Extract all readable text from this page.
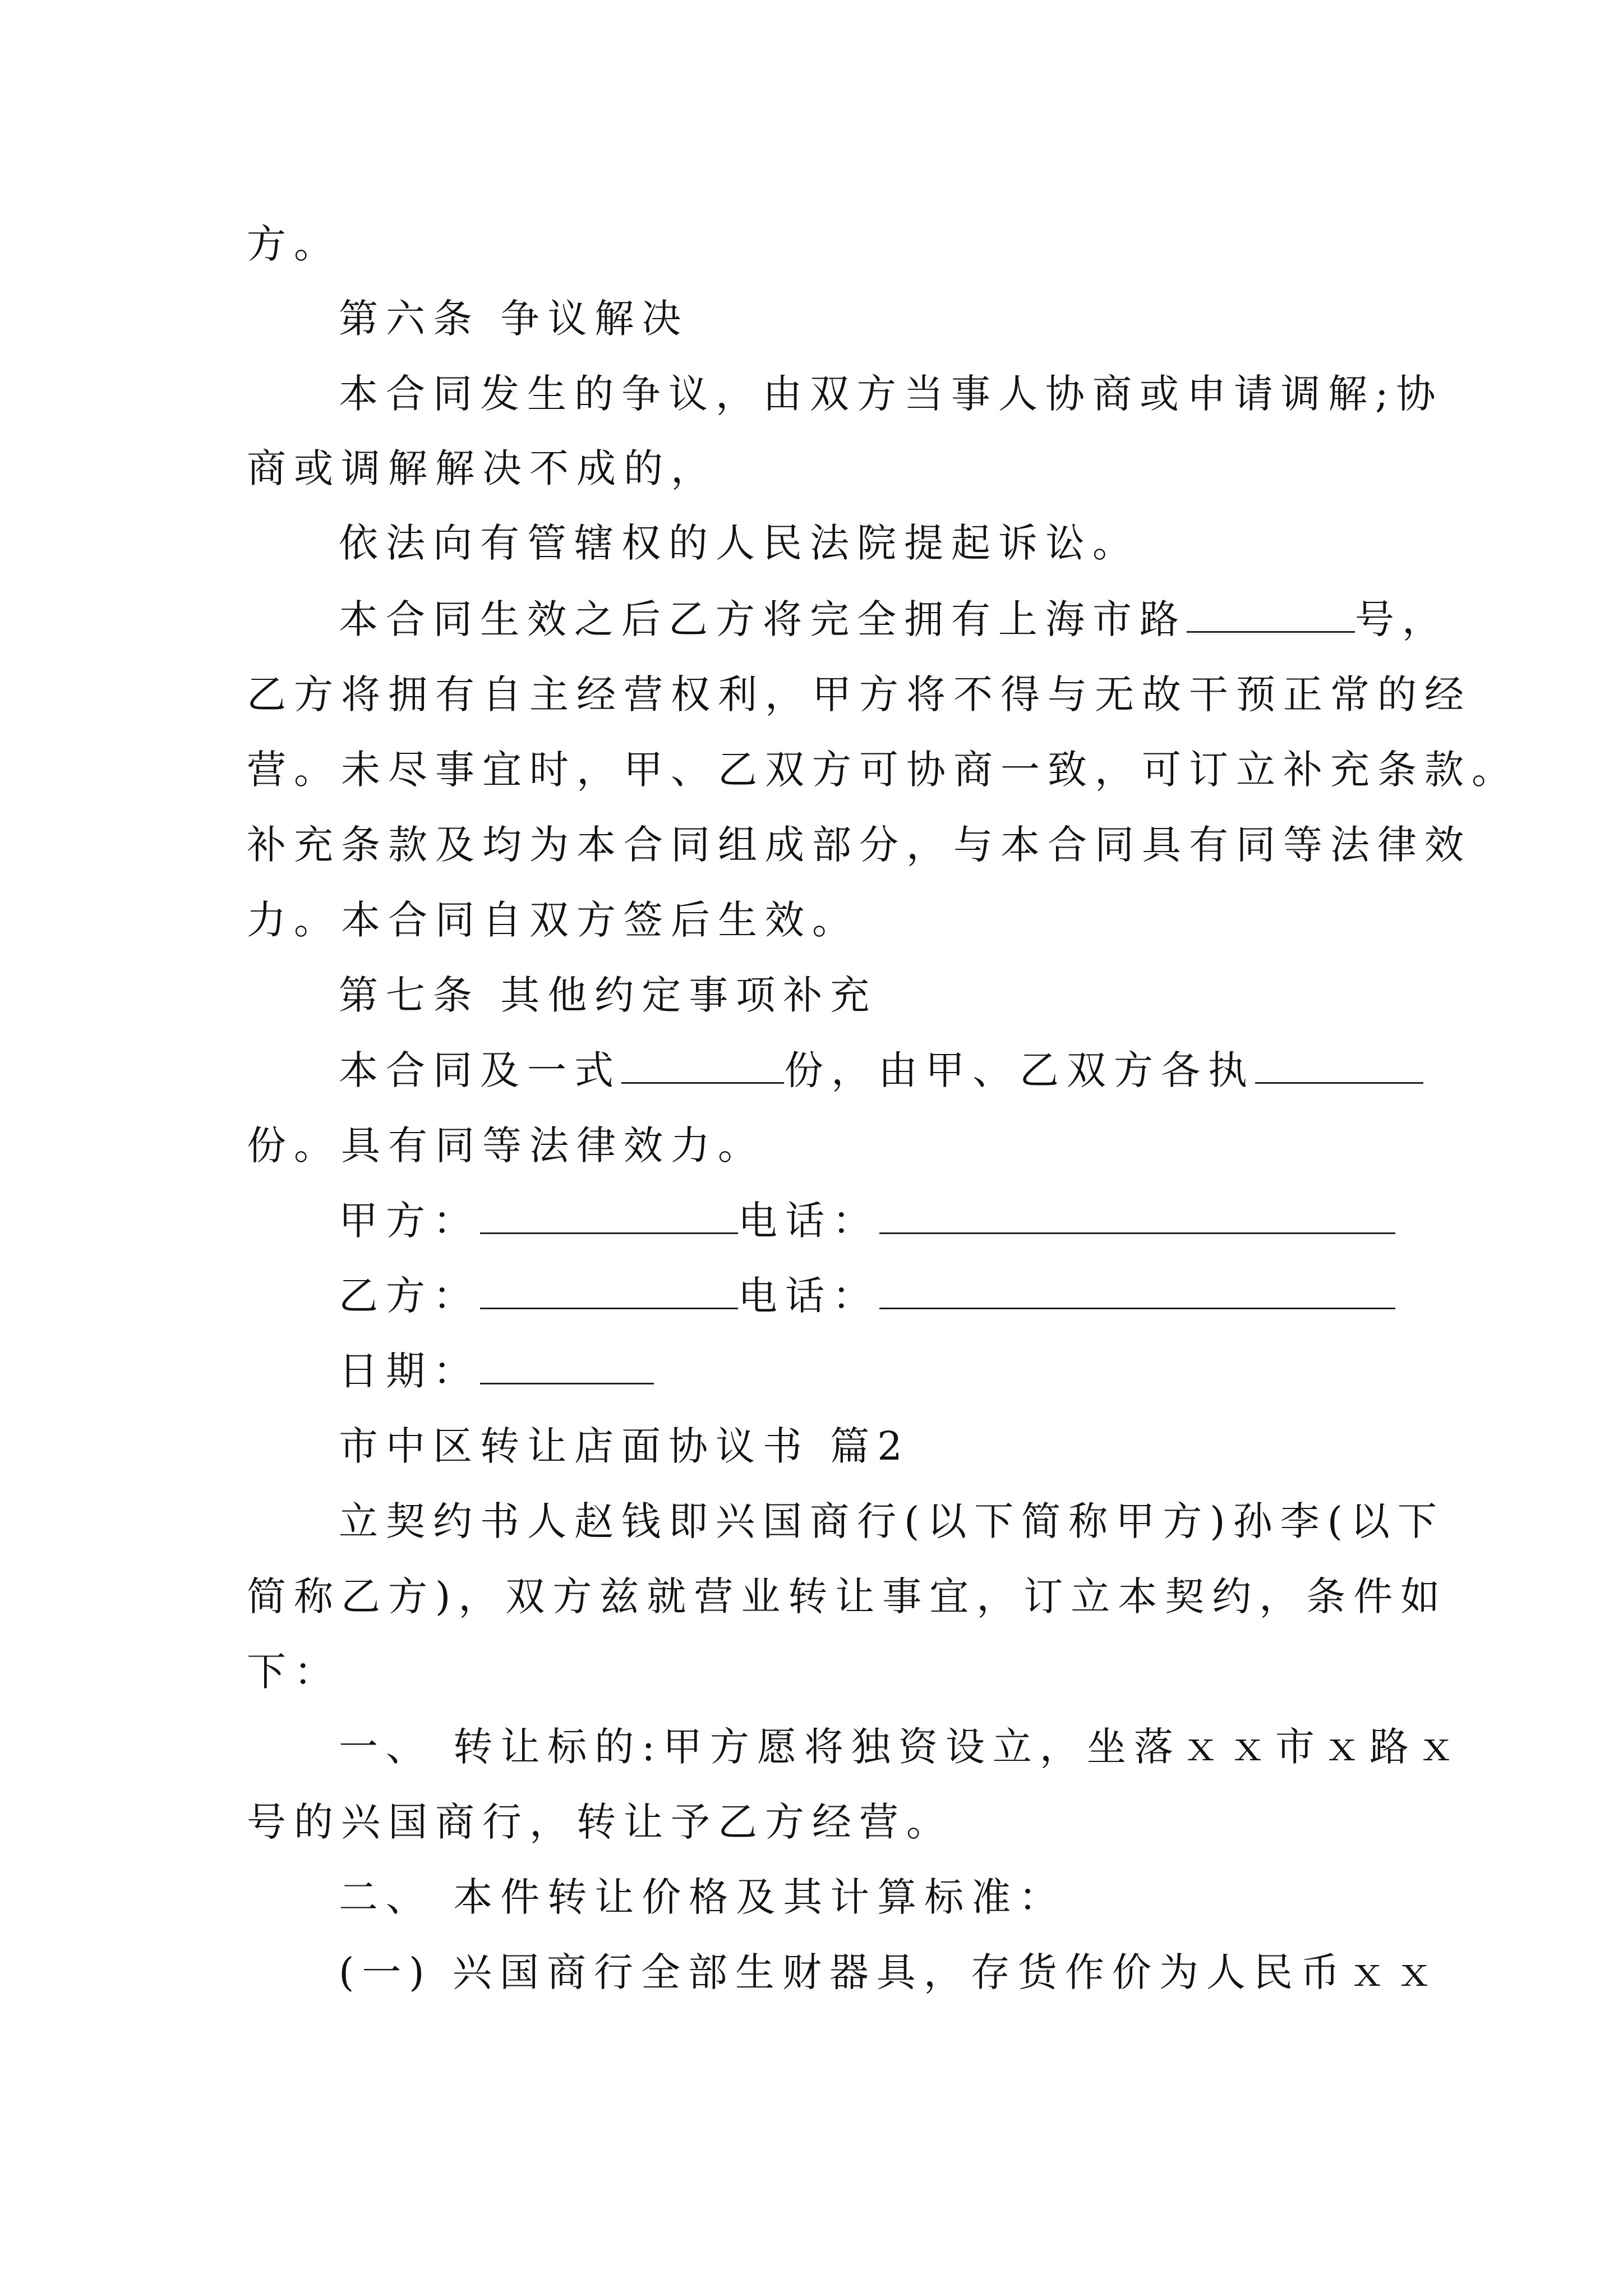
方。
第六条 争议解决
本合同发生的争议，由双方当事人协商或申请调解;协
商或调解解决不成的，
依法向有管辖权的人民法院提起诉讼。
本合同生效之后乙方将完全拥有上海市路	号，
乙方将拥有自主经营权利，甲方将不得与无故干预正常的经
营。未尽事宜时，甲、乙双方可协商一致，可订立补充条款。
补充条款及均为本合同组成部分，与本合同具有同等法律效
力。本合同自双方签后生效。
第七条 其他约定事项补充
本合同及一式	份，由甲、乙双方各执
份。具有同等法律效力。
甲方：	电话：
乙方：	电话：
日期：
市中区转让店面协议书 篇2
立契约书人赵钱即兴国商行(以下简称甲方)孙李(以下
简称乙方)，双方兹就营业转让事宜，订立本契约，条件如
下：
一、 转让标的:甲方愿将独资设立，坐落ｘｘ市ｘ路ｘ
号的兴国商行，转让予乙方经营。
二、 本件转让价格及其计算标准：
(一) 兴国商行全部生财器具，存货作价为人民币ｘｘ
